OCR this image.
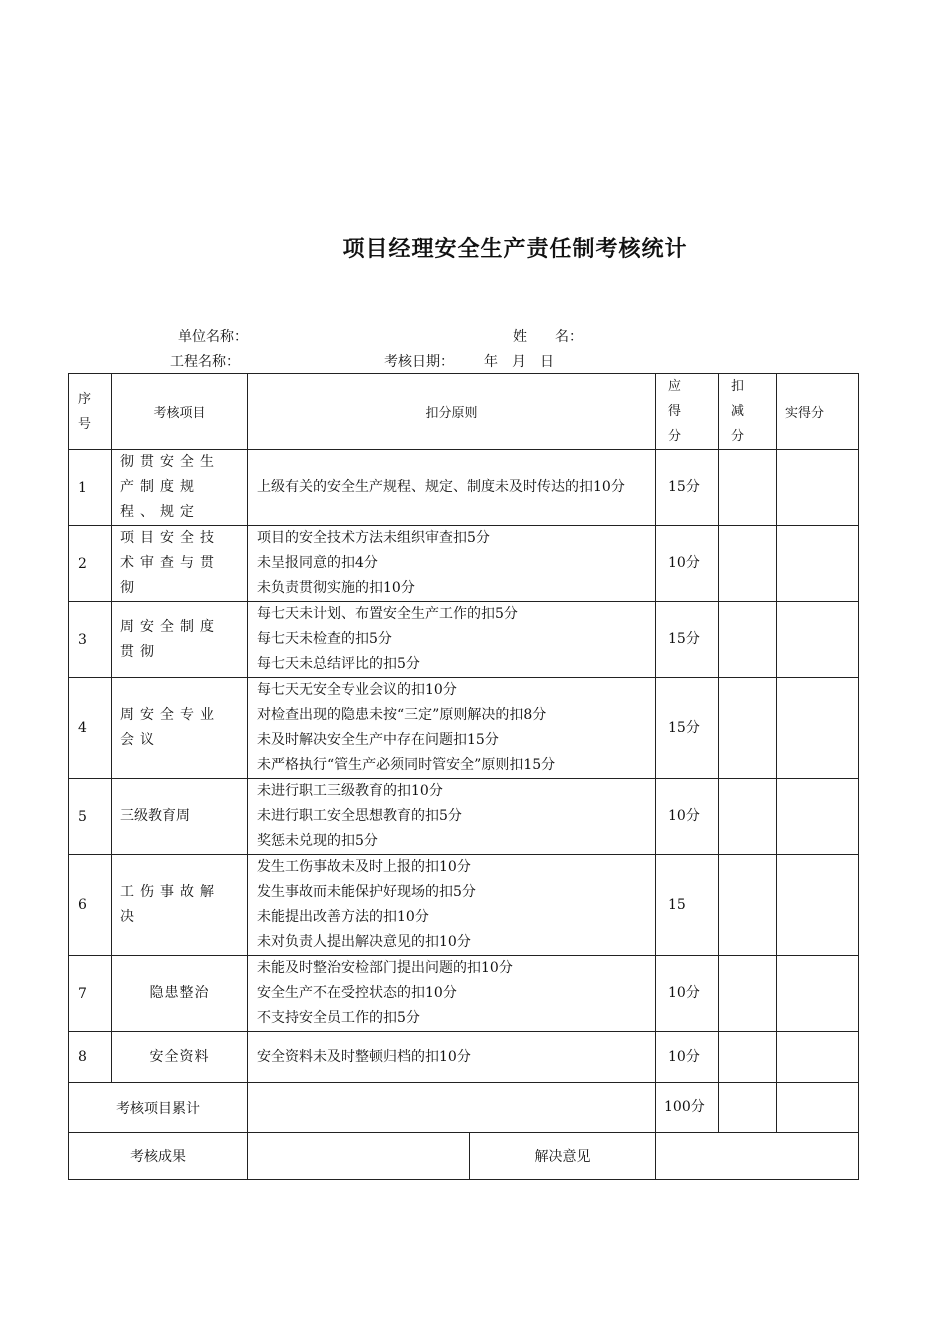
项目经理安全生产责任制考核统计
单位名称：	姓　　名：
工程名称：	考核日期： 年　月　日
序号	考核项目	扣分原则		应得分	扣减分	实得分
1	彻贯安全生产制度规程、规定	上级有关的安全生产规程、规定、制度未及时传达的扣10分		15分		
2	项目安全技术审查与贯彻	项目的安全技术方法未组织审查扣5分
未呈报同意的扣4分
未负责贯彻实施的扣10分		10分		
3	周安全制度贯彻	每七天未计划、布置安全生产工作的扣5分
每七天未检查的扣5分
每七天未总结评比的扣5分		15分		
4	周安全专业会议	每七天无安全专业会议的扣10分
对检查出现的隐患未按“三定”原则解决的扣8分
未及时解决安全生产中存在问题扣15分
未严格执行“管生产必须同时管安全”原则扣15分		15分		
5	三级教育周	未进行职工三级教育的扣10分
未进行职工安全思想教育的扣5分
奖惩未兑现的扣5分		10分		
6	工伤事故解决	发生工伤事故未及时上报的扣10分
发生事故而未能保护好现场的扣5分
未能提出改善方法的扣10分
未对负责人提出解决意见的扣10分		15		
7	隐患整治	未能及时整治安检部门提出问题的扣10分
安全生产不在受控状态的扣10分
不支持安全员工作的扣5分		10分		
8	安全资料	安全资料未及时整顿归档的扣10分		10分		
考核项目累计				100分		
考核成果			解决意见			
